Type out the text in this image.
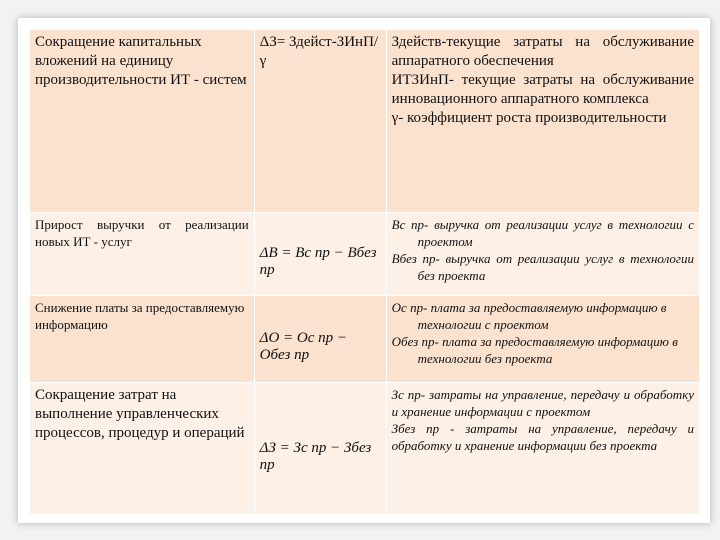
Сокращение капитальных вложений на единицу производительности ИТ - систем	ΔЗ= Здейст-ЗИнП/γ	Здейств-текущие затраты на обслуживание аппаратного обеспечения

ИТЗИнП- текущие затраты на обслуживание инновационного аппаратного комплекса

γ- коэффициент роста производительности

Прирост выручки от реализации новых ИТ - услуг	ΔB = Bc пр − Bбез пр	Bc пр- выручка от реализации услуг в технологии с проектом

Bбез пр- выручка от реализации услуг в технологии без проекта

Снижение платы за предоставляемую информацию	ΔO = Oc пр − Oбез пр	Oc пр- плата за предоставляемую информацию в технологии с проектом

Oбез пр- плата за предоставляемую информацию в технологии без проекта

Сокращение затрат на выполнение управленческих процессов, процедур и операций	ΔЗ = Зc пр − Збез пр	Зс пр- затраты на управление, передачу и обработку и хранение информации с проектом

Збез пр - затраты на управление, передачу и обработку и хранение информации без проекта
